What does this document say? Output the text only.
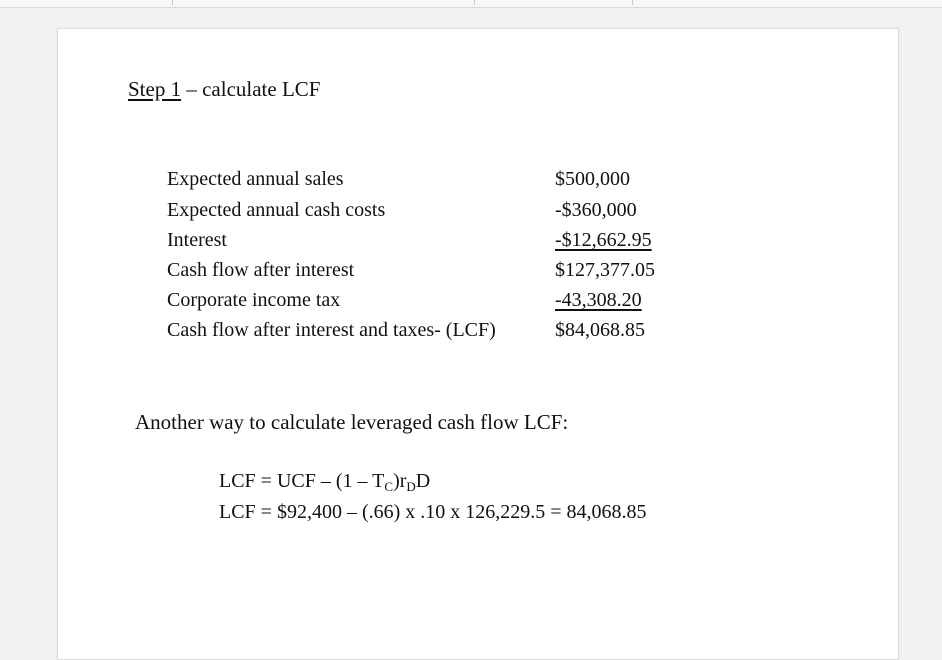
Step 1 – calculate LCF
Expected annual sales	$500,000
Expected annual cash costs	-$360,000
Interest	-$12,662.95
Cash flow after interest	$127,377.05
Corporate income tax	-43,308.20
Cash flow after interest and taxes- (LCF)	$84,068.85
Another way to calculate leveraged cash flow LCF:
LCF = UCF – $(1 - T_C)r_DD$
LCF = $92,400 – (.66) x .10 x 126,229.5 = 84,068.85
